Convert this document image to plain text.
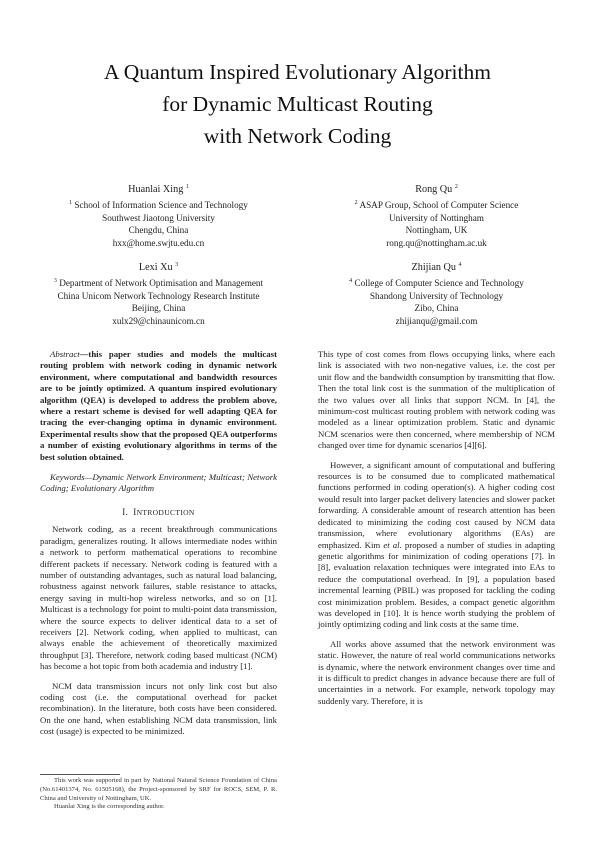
A Quantum Inspired Evolutionary Algorithm
for Dynamic Multicast Routing
with Network Coding
Huanlai Xing $^1$
$^1$ School of Information Science and Technology
Southwest Jiaotong University
Chengdu, China
hxx@home.swjtu.edu.cn
Rong Qu $^2$
$^2$ ASAP Group, School of Computer Science
University of Nottingham
Nottingham, UK
rong.qu@nottingham.ac.uk
Lexi Xu $^3$
$^3$ Department of Network Optimisation and Management
China Unicom Network Technology Research Institute
Beijing, China
xulx29@chinaunicom.cn
Zhijian Qu $^4$
$^4$ College of Computer Science and Technology
Shandong University of Technology
Zibo, China
zhijianqu@gmail.com

Abstract—this paper studies and models the multicast routing problem with network coding in dynamic network environment, where computational and bandwidth resources are to be jointly optimized. A quantum inspired evolutionary algorithm (QEA) is developed to address the problem above, where a restart scheme is devised for well adapting QEA for tracing the ever-changing optima in dynamic environment. Experimental results show that the proposed QEA outperforms a number of existing evolutionary algorithms in terms of the best solution obtained.

Keywords—Dynamic Network Environment; Multicast; Network Coding; Evolutionary Algorithm

I. INTRODUCTION

Network coding, as a recent breakthrough communications paradigm, generalizes routing. It allows intermediate nodes within a network to perform mathematical operations to recombine different packets if necessary. Network coding is featured with a number of outstanding advantages, such as natural load balancing, robustness against network failures, stable resistance to attacks, energy saving in multi-hop wireless networks, and so on [1]. Multicast is a technology for point to multi-point data transmission, where the source expects to deliver identical data to a set of receivers [2]. Network coding, when applied to multicast, can always enable the achievement of theoretically maximized throughput [3]. Therefore, network coding based multicast (NCM) has become a hot topic from both academia and industry [1].

NCM data transmission incurs not only link cost but also coding cost (i.e. the computational overhead for packet recombination). In the literature, both costs have been considered. On the one hand, when establishing NCM data transmission, link cost (usage) is expected to be minimized.

This type of cost comes from flows occupying links, where each link is associated with two non-negative values, i.e. the cost per unit flow and the bandwidth consumption by transmitting that flow. Then the total link cost is the summation of the multiplication of the two values over all links that support NCM. In [4], the minimum-cost multicast routing problem with network coding was modeled as a linear optimization problem. Static and dynamic NCM scenarios were then concerned, where membership of NCM changed over time for dynamic scenarios [4][6].

However, a significant amount of computational and buffering resources is to be consumed due to complicated mathematical functions performed in coding operation(s). A higher coding cost would result into larger packet delivery latencies and slower packet forwarding. A considerable amount of research attention has been dedicated to minimizing the coding cost caused by NCM data transmission, where evolutionary algorithms (EAs) are emphasized. Kim et al. proposed a number of studies in adapting genetic algorithms for minimization of coding operations [7]. In [8], evaluation relaxation techniques were integrated into EAs to reduce the computational overhead. In [9], a population based incremental learning (PBIL) was proposed for tackling the coding cost minimization problem. Besides, a compact genetic algorithm was developed in [10]. It is hence worth studying the problem of jointly optimizing coding and link costs at the same time.

All works above assumed that the network environment was static. However, the nature of real world communications networks is dynamic, where the network environment changes over time and it is difficult to predict changes in advance because there are full of uncertainties in a network. For example, network topology may suddenly vary. Therefore, it is

This work was supported in part by National Natural Science Foundation of China (No.61401374, No. 61505168), the Project-sponsored by SRF for ROCS, SEM, P. R. China and University of Nottingham, UK.

Huanlai Xing is the corresponding author.
